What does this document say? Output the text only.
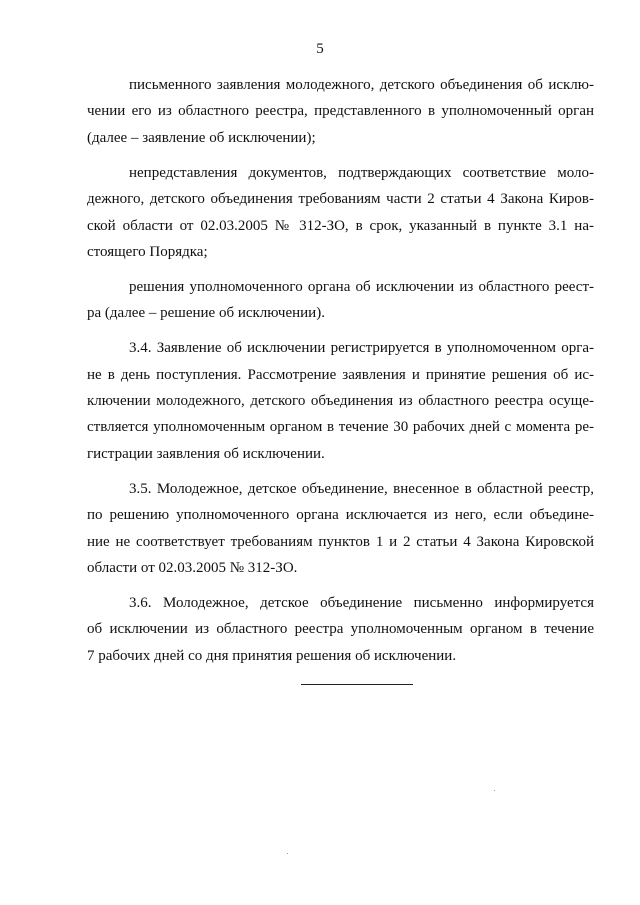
5

письменного заявления молодежного, детского объединения об исклю-
чении его из областного реестра, представленного в уполномоченный орган
(далее – заявление об исключении);

непредставления документов, подтверждающих соответствие моло-
дежного, детского объединения требованиям части 2 статьи 4 Закона Киров-
ской области от 02.03.2005 № 312-ЗО, в срок, указанный в пункте 3.1 на-
стоящего Порядка;

решения уполномоченного органа об исключении из областного реест-
ра (далее – решение об исключении).

3.4. Заявление об исключении регистрируется в уполномоченном орга-
не в день поступления. Рассмотрение заявления и принятие решения об ис-
ключении молодежного, детского объединения из областного реестра осуще-
ствляется уполномоченным органом в течение 30 рабочих дней с момента ре-
гистрации заявления об исключении.

3.5. Молодежное, детское объединение, внесенное в областной реестр,
по решению уполномоченного органа исключается из него, если объедине-
ние не соответствует требованиям пунктов 1 и 2 статьи 4 Закона Кировской
области от 02.03.2005 № 312-ЗО.

3.6. Молодежное, детское объединение письменно информируется
об исключении из областного реестра уполномоченным органом в течение
7 рабочих дней со дня принятия решения об исключении.
